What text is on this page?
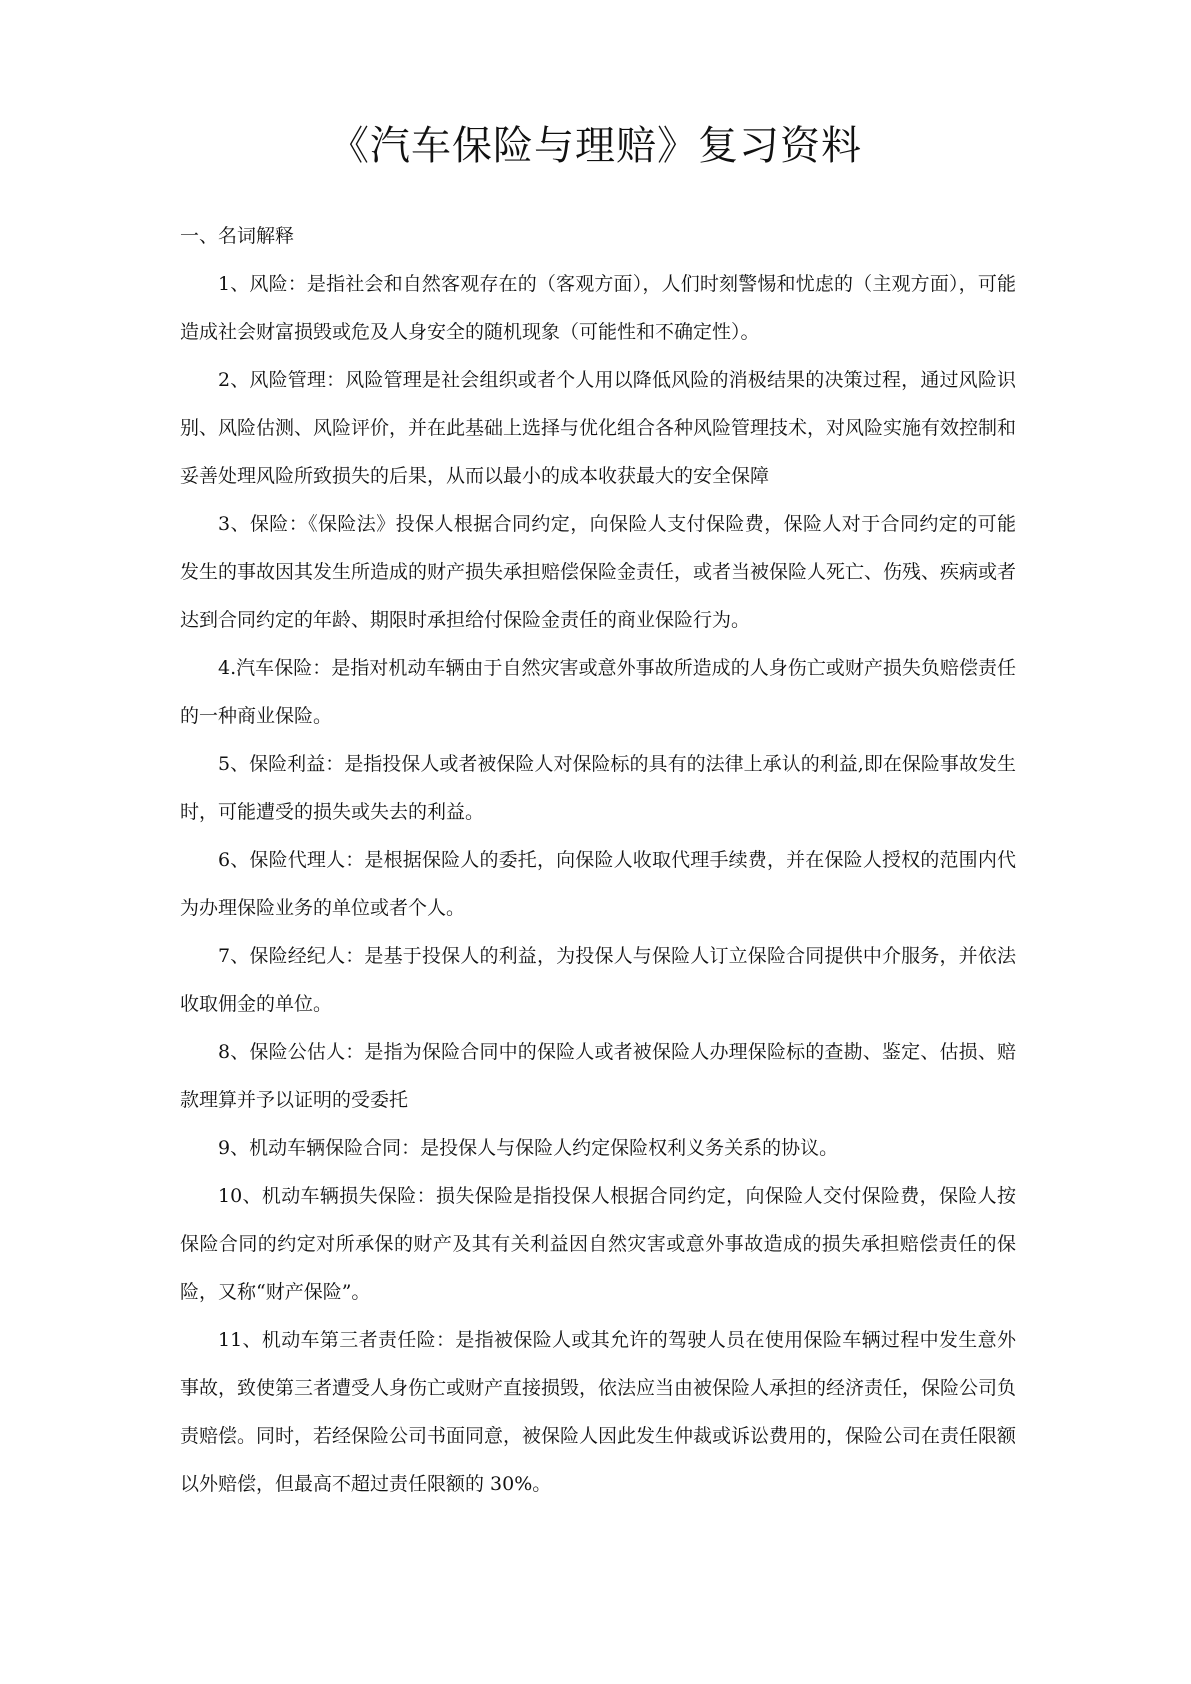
《汽车保险与理赔》复习资料

一、名词解释

1、风险：是指社会和自然客观存在的（客观方面），人们时刻警惕和忧虑的（主观方面），可能造成社会财富损毁或危及人身安全的随机现象（可能性和不确定性）。

2、风险管理：风险管理是社会组织或者个人用以降低风险的消极结果的决策过程，通过风险识别、风险估测、风险评价，并在此基础上选择与优化组合各种风险管理技术，对风险实施有效控制和妥善处理风险所致损失的后果，从而以最小的成本收获最大的安全保障

3、保险：《保险法》投保人根据合同约定，向保险人支付保险费，保险人对于合同约定的可能发生的事故因其发生所造成的财产损失承担赔偿保险金责任，或者当被保险人死亡、伤残、疾病或者达到合同约定的年龄、期限时承担给付保险金责任的商业保险行为。

4.汽车保险：是指对机动车辆由于自然灾害或意外事故所造成的人身伤亡或财产损失负赔偿责任的一种商业保险。

5、保险利益：是指投保人或者被保险人对保险标的具有的法律上承认的利益,即在保险事故发生时，可能遭受的损失或失去的利益。

6、保险代理人：是根据保险人的委托，向保险人收取代理手续费，并在保险人授权的范围内代为办理保险业务的单位或者个人。

7、保险经纪人：是基于投保人的利益，为投保人与保险人订立保险合同提供中介服务，并依法收取佣金的单位。

8、保险公估人：是指为保险合同中的保险人或者被保险人办理保险标的查勘、鉴定、估损、赔款理算并予以证明的受委托

9、机动车辆保险合同：是投保人与保险人约定保险权利义务关系的协议。

10、机动车辆损失保险：损失保险是指投保人根据合同约定，向保险人交付保险费，保险人按保险合同的约定对所承保的财产及其有关利益因自然灾害或意外事故造成的损失承担赔偿责任的保险，又称“财产保险”。

11、机动车第三者责任险：是指被保险人或其允许的驾驶人员在使用保险车辆过程中发生意外事故，致使第三者遭受人身伤亡或财产直接损毁，依法应当由被保险人承担的经济责任，保险公司负责赔偿。同时，若经保险公司书面同意，被保险人因此发生仲裁或诉讼费用的，保险公司在责任限额以外赔偿，但最高不超过责任限额的 30%。
